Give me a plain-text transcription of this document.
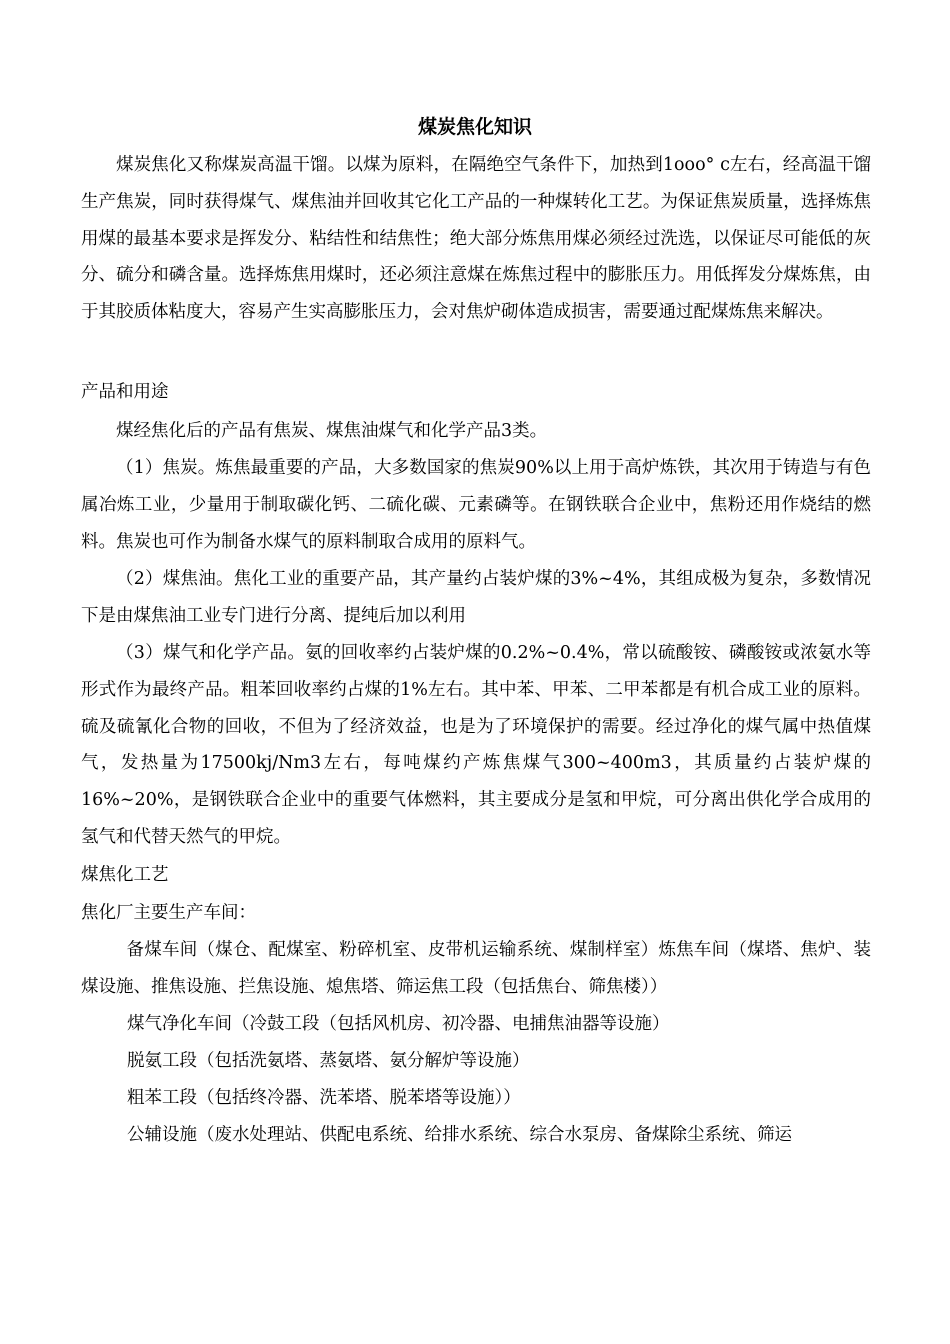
煤炭焦化知识

煤炭焦化又称煤炭高温干馏。以煤为原料，在隔绝空气条件下，加热到1ooo° c左右，经高温干馏生产焦炭，同时获得煤气、煤焦油并回收其它化工产品的一种煤转化工艺。为保证焦炭质量，选择炼焦用煤的最基本要求是挥发分、粘结性和结焦性；绝大部分炼焦用煤必须经过洗选，以保证尽可能低的灰分、硫分和磷含量。选择炼焦用煤时，还必须注意煤在炼焦过程中的膨胀压力。用低挥发分煤炼焦，由于其胶质体粘度大，容易产生实高膨胀压力，会对焦炉砌体造成损害，需要通过配煤炼焦来解决。

产品和用途

煤经焦化后的产品有焦炭、煤焦油煤气和化学产品3类。

（1）焦炭。炼焦最重要的产品，大多数国家的焦炭90%以上用于高炉炼铁，其次用于铸造与有色属冶炼工业，少量用于制取碳化钙、二硫化碳、元素磷等。在钢铁联合企业中，焦粉还用作烧结的燃料。焦炭也可作为制备水煤气的原料制取合成用的原料气。

（2）煤焦油。焦化工业的重要产品，其产量约占装炉煤的3%~4%，其组成极为复杂，多数情况下是由煤焦油工业专门进行分离、提纯后加以利用

（3）煤气和化学产品。氨的回收率约占装炉煤的0.2%~0.4%，常以硫酸铵、磷酸铵或浓氨水等形式作为最终产品。粗苯回收率约占煤的1%左右。其中苯、甲苯、二甲苯都是有机合成工业的原料。硫及硫氰化合物的回收，不但为了经济效益，也是为了环境保护的需要。经过净化的煤气属中热值煤气，发热量为17500kj/Nm3左右，每吨煤约产炼焦煤气300~400m3，其质量约占装炉煤的16%~20%，是钢铁联合企业中的重要气体燃料，其主要成分是氢和甲烷，可分离出供化学合成用的氢气和代替天然气的甲烷。

煤焦化工艺

焦化厂主要生产车间：

备煤车间（煤仓、配煤室、粉碎机室、皮带机运输系统、煤制样室）炼焦车间（煤塔、焦炉、装煤设施、推焦设施、拦焦设施、熄焦塔、筛运焦工段（包括焦台、筛焦楼））

煤气净化车间（冷鼓工段（包括风机房、初冷器、电捕焦油器等设施）

脱氨工段（包括洗氨塔、蒸氨塔、氨分解炉等设施）

粗苯工段（包括终冷器、洗苯塔、脱苯塔等设施））

公辅设施（废水处理站、供配电系统、给排水系统、综合水泵房、备煤除尘系统、筛运
